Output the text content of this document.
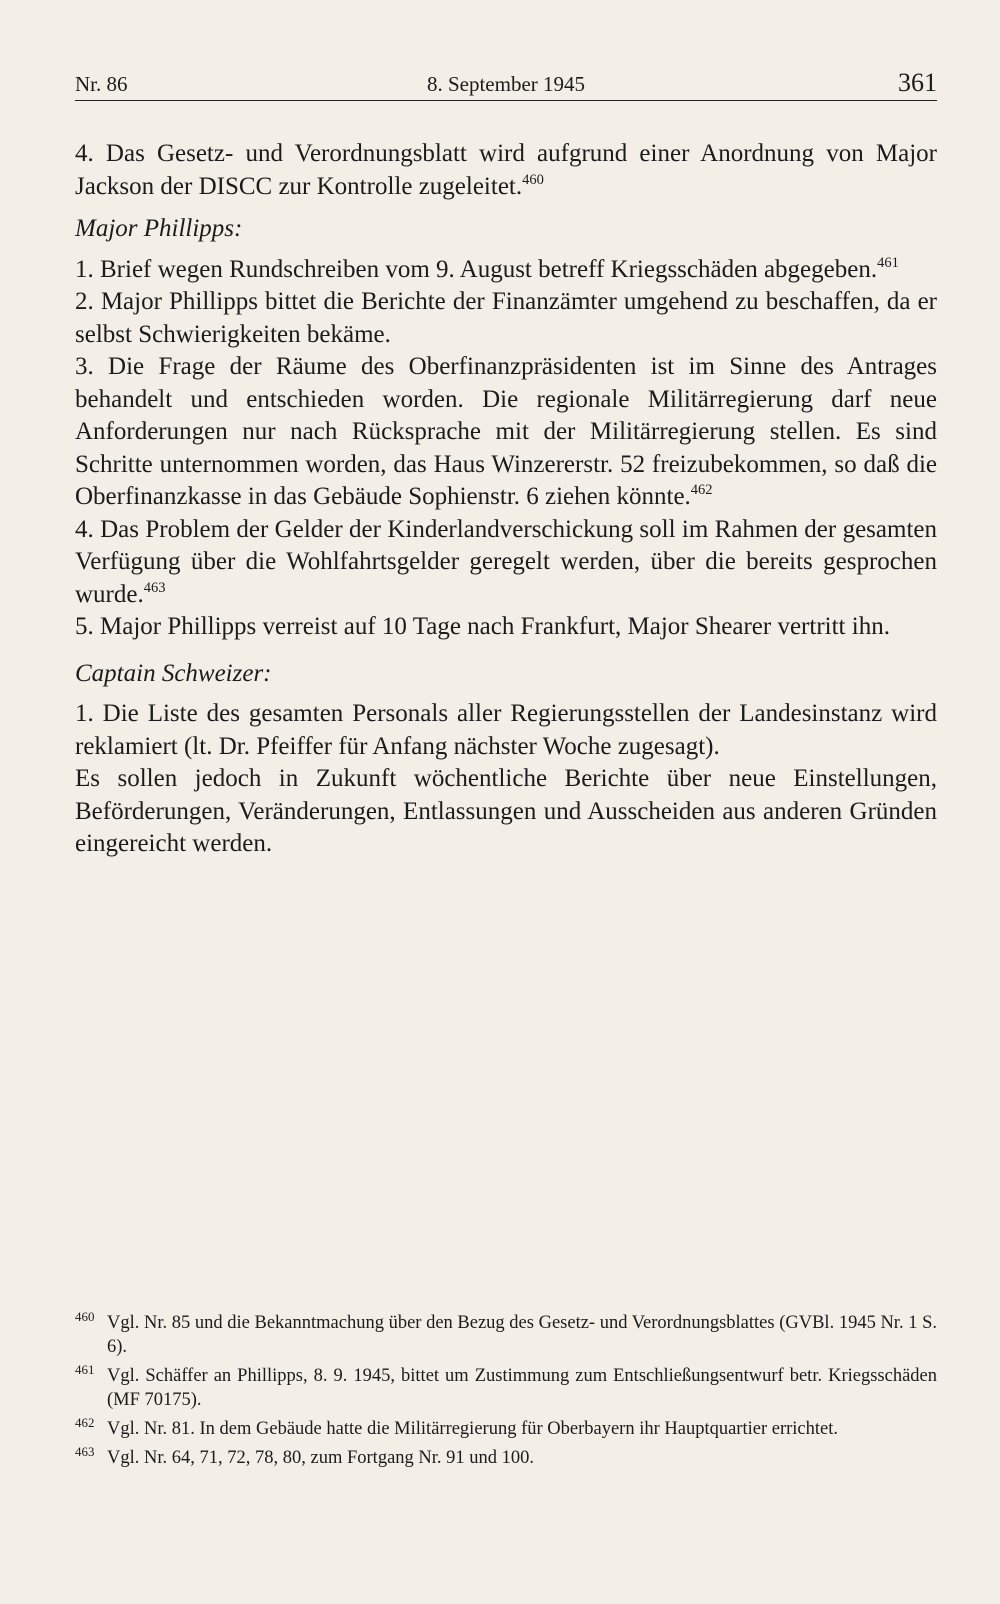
Nr. 86	8. September 1945	361

4. Das Gesetz- und Verordnungsblatt wird aufgrund einer Anordnung von Major Jackson der DISCC zur Kontrolle zugeleitet.$^{460}$

Major Phillipps:

1. Brief wegen Rundschreiben vom 9. August betreff Kriegsschäden abgegeben.$^{461}$

2. Major Phillipps bittet die Berichte der Finanzämter umgehend zu beschaffen, da er selbst Schwierigkeiten bekäme.

3. Die Frage der Räume des Oberfinanzpräsidenten ist im Sinne des Antrages behandelt und entschieden worden. Die regionale Militärregierung darf neue Anforderungen nur nach Rücksprache mit der Militärregierung stellen. Es sind Schritte unternommen worden, das Haus Winzererstr. 52 freizubekommen, so daß die Oberfinanzkasse in das Gebäude Sophienstr. 6 ziehen könnte.$^{462}$

4. Das Problem der Gelder der Kinderlandverschickung soll im Rahmen der gesamten Verfügung über die Wohlfahrtsgelder geregelt werden, über die bereits gesprochen wurde.$^{463}$

5. Major Phillipps verreist auf 10 Tage nach Frankfurt, Major Shearer vertritt ihn.

Captain Schweizer:

1. Die Liste des gesamten Personals aller Regierungsstellen der Landesinstanz wird reklamiert (lt. Dr. Pfeiffer für Anfang nächster Woche zugesagt).

Es sollen jedoch in Zukunft wöchentliche Berichte über neue Einstellungen, Beförderungen, Veränderungen, Entlassungen und Ausscheiden aus anderen Gründen eingereicht werden.

460 Vgl. Nr. 85 und die Bekanntmachung über den Bezug des Gesetz- und Verordnungsblattes (GVBl. 1945 Nr. 1 S. 6).
461 Vgl. Schäffer an Phillipps, 8. 9. 1945, bittet um Zustimmung zum Entschließungsentwurf betr. Kriegsschäden (MF 70175).
462 Vgl. Nr. 81. In dem Gebäude hatte die Militärregierung für Oberbayern ihr Hauptquartier errichtet.
463 Vgl. Nr. 64, 71, 72, 78, 80, zum Fortgang Nr. 91 und 100.
